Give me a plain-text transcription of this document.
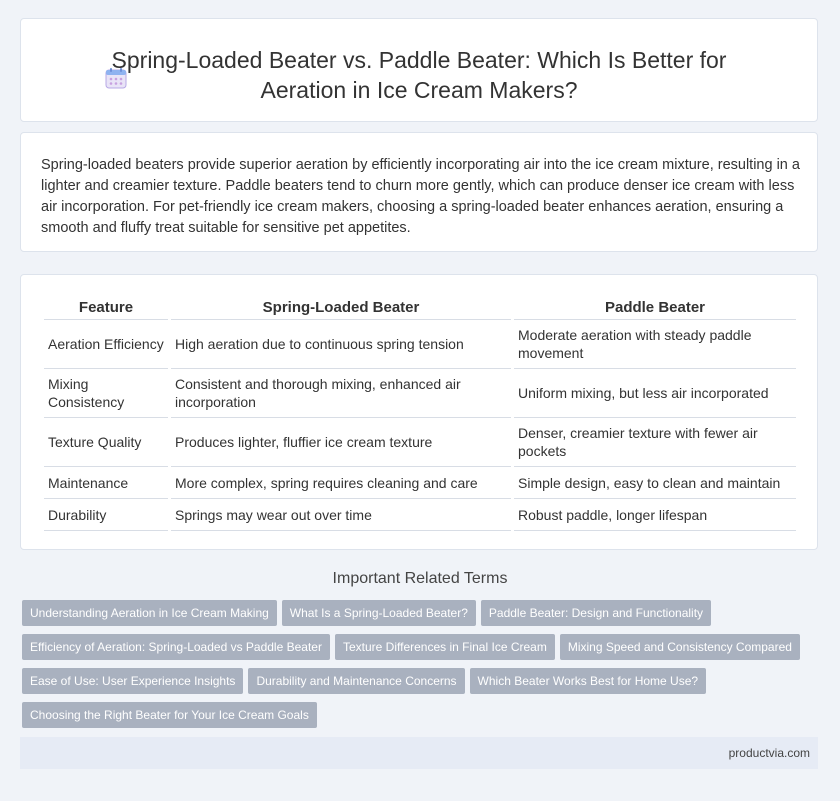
Spring-Loaded Beater vs. Paddle Beater: Which Is Better for Aeration in Ice Cream Makers?

Spring-loaded beaters provide superior aeration by efficiently incorporating air into the ice cream mixture, resulting in a lighter and creamier texture. Paddle beaters tend to churn more gently, which can produce denser ice cream with less air incorporation. For pet-friendly ice cream makers, choosing a spring-loaded beater enhances aeration, ensuring a smooth and fluffy treat suitable for sensitive pet appetites.

Feature	Spring-Loaded Beater	Paddle Beater
Aeration Efficiency	High aeration due to continuous spring tension	Moderate aeration with steady paddle movement
Mixing Consistency	Consistent and thorough mixing, enhanced air incorporation	Uniform mixing, but less air incorporated
Texture Quality	Produces lighter, fluffier ice cream texture	Denser, creamier texture with fewer air pockets
Maintenance	More complex, spring requires cleaning and care	Simple design, easy to clean and maintain
Durability	Springs may wear out over time	Robust paddle, longer lifespan
Important Related Terms
Understanding Aeration in Ice Cream Making What Is a Spring-Loaded Beater? Paddle Beater: Design and Functionality
Efficiency of Aeration: Spring-Loaded vs Paddle Beater Texture Differences in Final Ice Cream Mixing Speed and Consistency Compared
Ease of Use: User Experience Insights Durability and Maintenance Concerns Which Beater Works Best for Home Use?
Choosing the Right Beater for Your Ice Cream Goals
productvia.com
